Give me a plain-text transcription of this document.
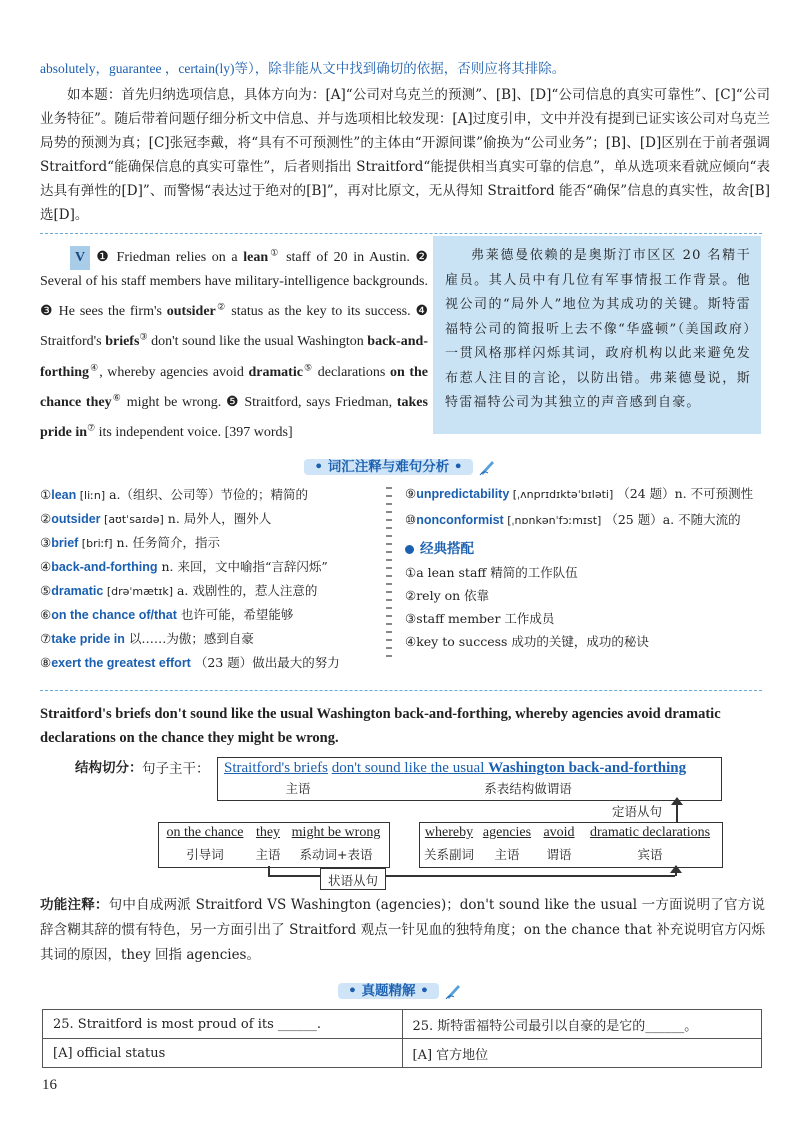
absolutely，guarantee ，certain(ly)等），除非能从文中找到确切的依据，否则应将其排除。
如本题：首先归纳选项信息，具体方向为：[A]“公司对乌克兰的预测”、[B]、[D]“公司信息的真实可靠性”、[C]“公司业务特征”。随后带着问题仔细分析文中信息、并与选项相比较发现：[A]过度引申，文中并没有提到已证实该公司对乌克兰局势的预测为真；[C]张冠李戴，将“具有不可预测性”的主体由“开源间谍”偷换为“公司业务”；[B]、[D]区别在于前者强调 Straitford“能确保信息的真实可靠性”，后者则指出 Straitford“能提供相当真实可靠的信息”，单从选项来看就应倾向“表达具有弹性的[D]”、而警惕“表达过于绝对的[B]”，再对比原文，无从得知 Straitford 能否“确保”信息的真实性，故舍[B]选[D]。
V ❶ Friedman relies on a lean① staff of 20 in Austin. ❷ Several of his staff members have military-intelligence backgrounds. ❸ He sees the firm's outsider② status as the key to its success. ❹ Straitford's briefs③ don't sound like the usual Washington back-and-forthing④, whereby agencies avoid dramatic⑤ declarations on the chance they⑥ might be wrong. ❺ Straitford, says Friedman, takes pride in⑦ its independent voice. [397 words]
弗莱德曼依赖的是奥斯汀市区区 20 名精干雇员。其人员中有几位有军事情报工作背景。他视公司的“局外人”地位为其成功的关键。斯特雷福特公司的简报听上去不像“华盛顿”（美国政府）一贯风格那样闪烁其词，政府机构以此来避免发布惹人注目的言论，以防出错。弗莱德曼说，斯特雷福特公司为其独立的声音感到自豪。
• 词汇注释与难句分析 •
①lean [liːn] a.（组织、公司等）节俭的；精简的
②outsider [aʊtˈsaɪdə] n. 局外人，圈外人
③brief [briːf] n. 任务简介，指示
④back-and-forthing n. 来回，文中喻指“言辞闪烁”
⑤dramatic [drəˈmætɪk] a. 戏剧性的，惹人注意的
⑥on the chance of/that 也许可能，希望能够
⑦take pride in 以……为傲；感到自豪
⑧exert the greatest effort （23 题）做出最大的努力
⑨unpredictability [ˌʌnprɪdɪktəˈbɪləti] （24 题）n. 不可预测性
⑩nonconformist [ˌnɒnkənˈfɔːmɪst] （25 题）a. 不随大流的
经典搭配
①a lean staff 精简的工作队伍
②rely on 依靠
③staff member 工作成员
④key to success 成功的关键，成功的秘诀
Straitford's briefs don't sound like the usual Washington back-and-forthing, whereby agencies avoid dramatic declarations on the chance they might be wrong.
结构切分： 句子主干： Straitford's briefs don't sound like the usual Washington back-and-forthing
主语	系表结构做谓语
定语从句
on the chance
引导词
they
主语
might be wrong
系动词+表语
whereby
关系副词
agencies
主语
avoid
谓语
dramatic declarations
宾语
状语从句
功能注释：句中自成两派 Straitford VS Washington (agencies)；don't sound like the usual 一方面说明了官方说辞含糊其辞的惯有特色，另一方面引出了 Straitford 观点一针见血的独特角度；on the chance that 补充说明官方闪烁其词的原因，they 回指 agencies。
• 真题精解 •
25. Straitford is most proud of its ______.	25. 斯特雷福特公司最引以自豪的是它的______。
[A] official status	[A] 官方地位
16
